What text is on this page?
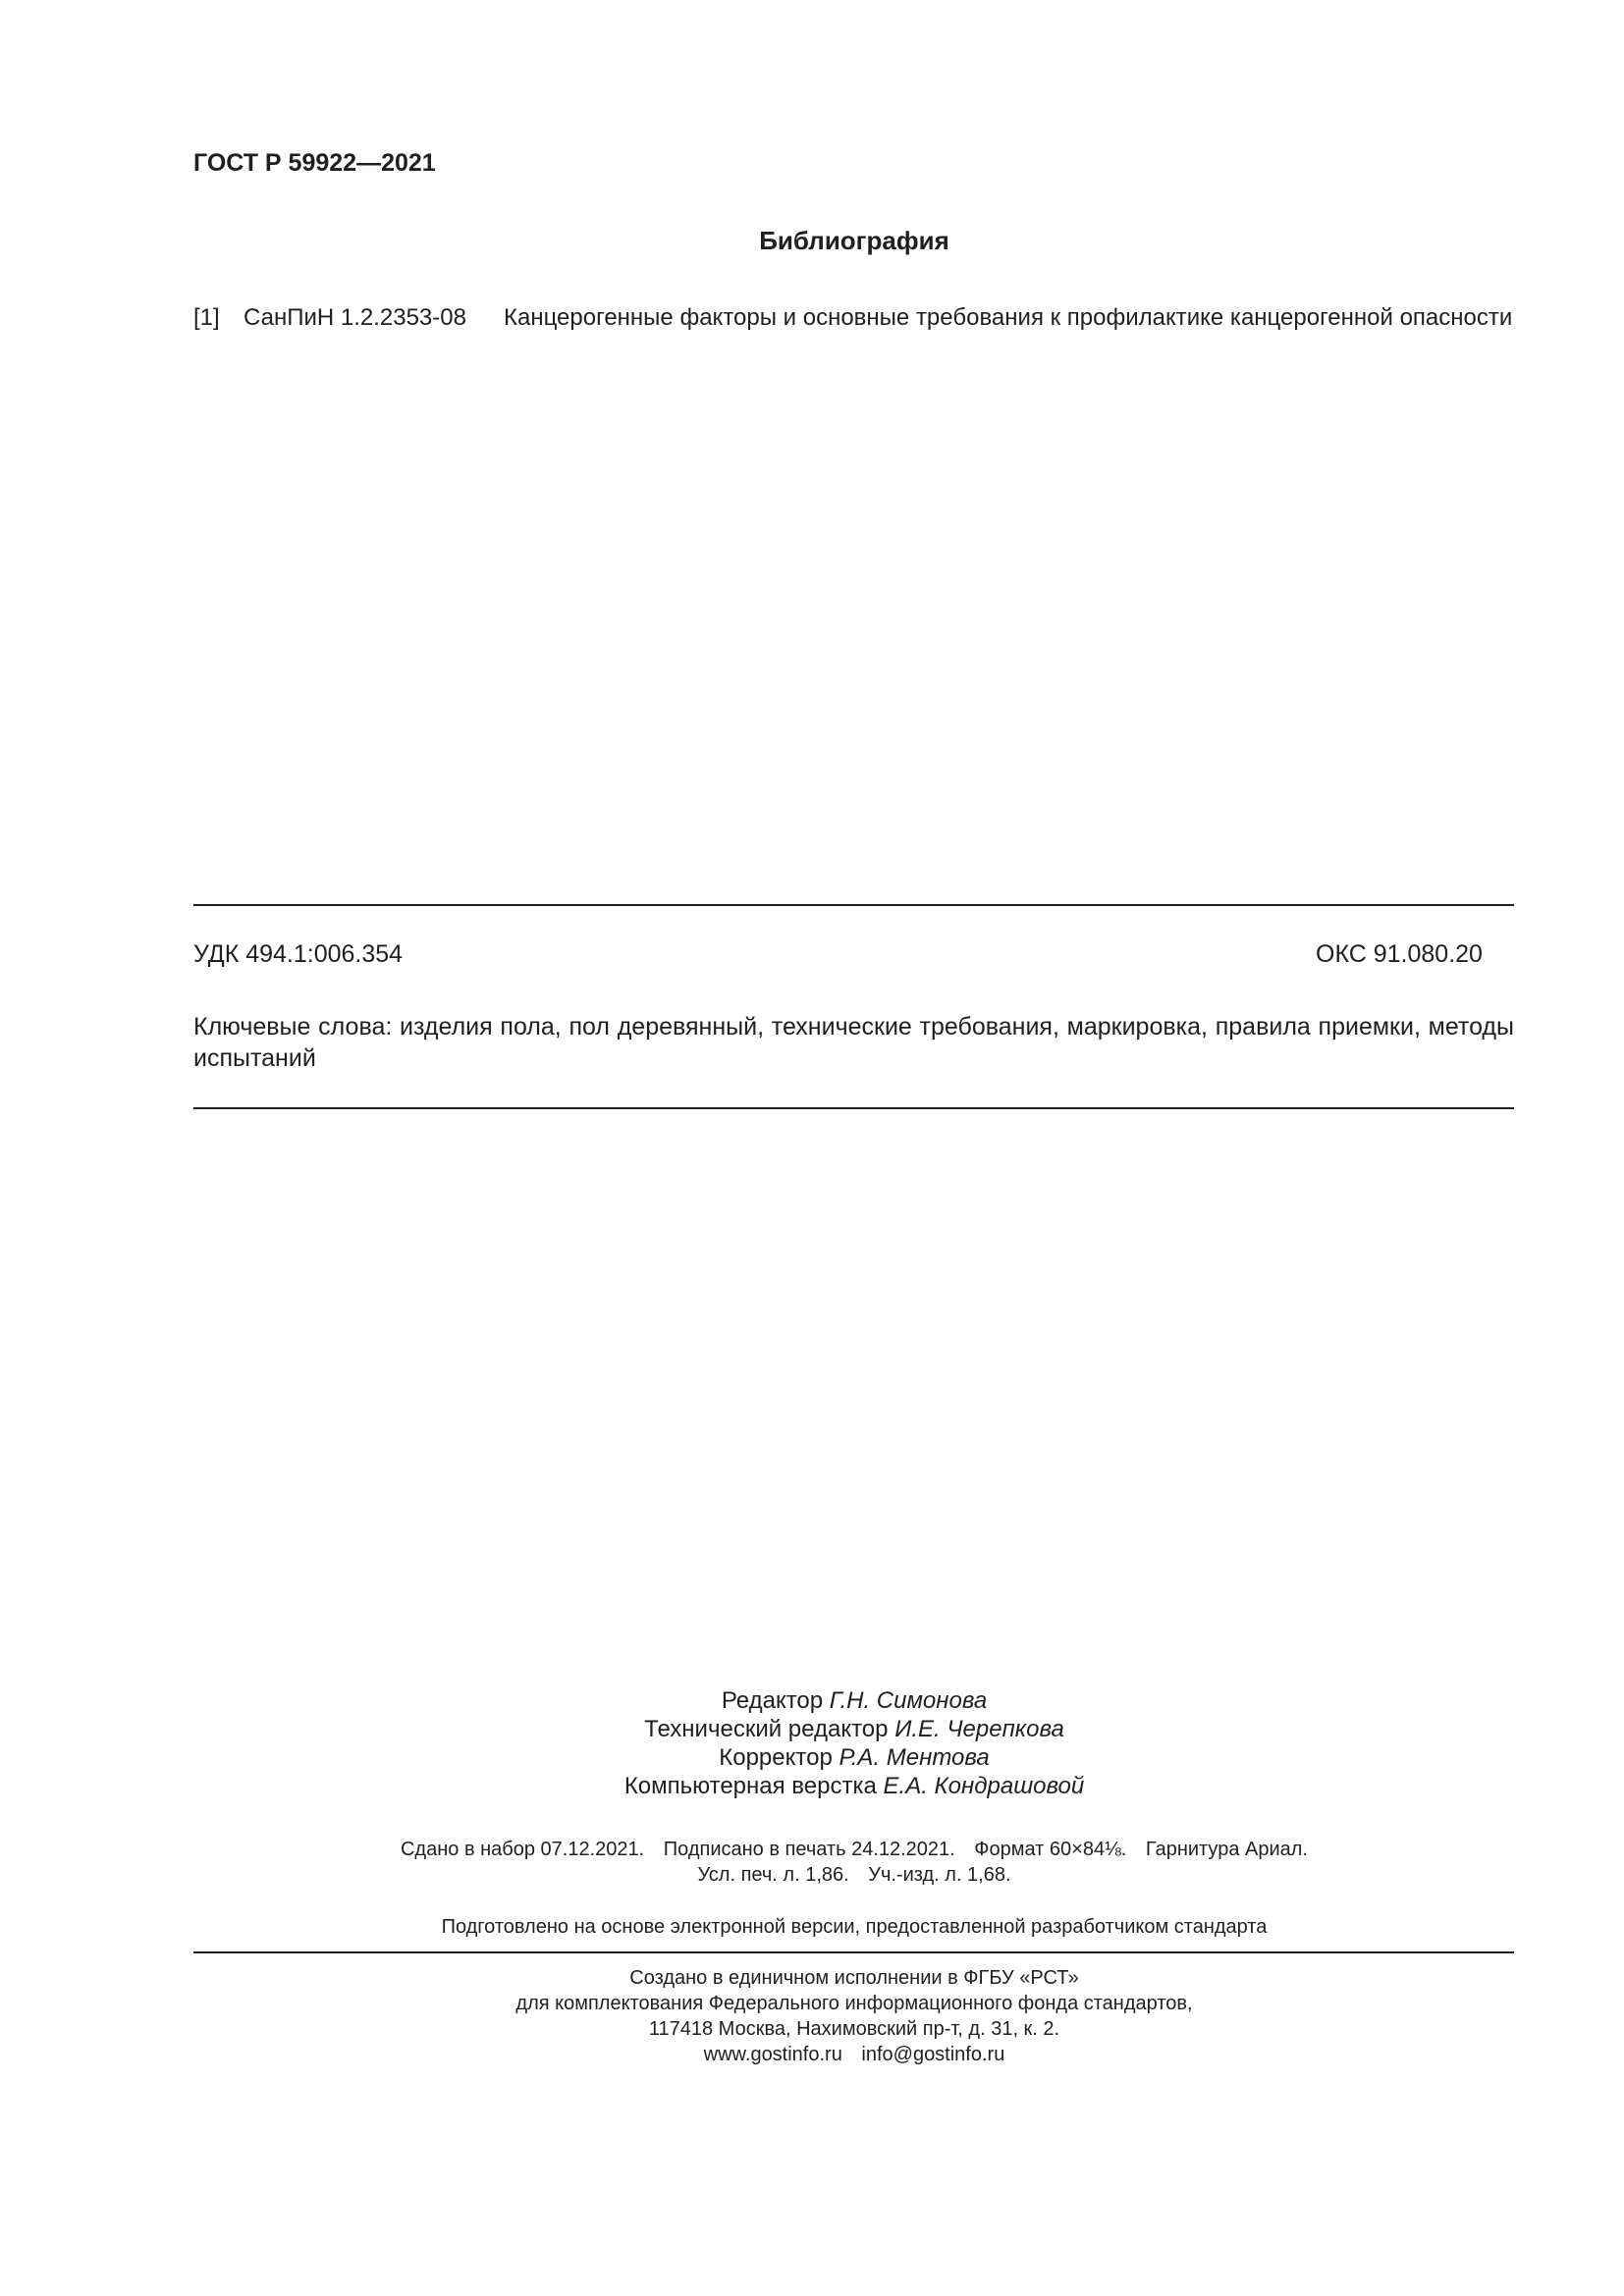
ГОСТ Р 59922—2021
Библиография
[1] СанПиН 1.2.2353-08 Канцерогенные факторы и основные требования к профилактике канцерогенной опасности
УДК 494.1:006.354	ОКС 91.080.20
Ключевые слова: изделия пола, пол деревянный, технические требования, маркировка, правила приемки, методы испытаний
Редактор Г.Н. Симонова
Технический редактор И.Е. Черепкова
Корректор Р.А. Ментова
Компьютерная верстка Е.А. Кондрашовой
Сдано в набор 07.12.2021. Подписано в печать 24.12.2021. Формат 60×84⅛. Гарнитура Ариал.
Усл. печ. л. 1,86. Уч.-изд. л. 1,68.
Подготовлено на основе электронной версии, предоставленной разработчиком стандарта
Создано в единичном исполнении в ФГБУ «РСТ»
для комплектования Федерального информационного фонда стандартов,
117418 Москва, Нахимовский пр-т, д. 31, к. 2.
www.gostinfo.ru info@gostinfo.ru
